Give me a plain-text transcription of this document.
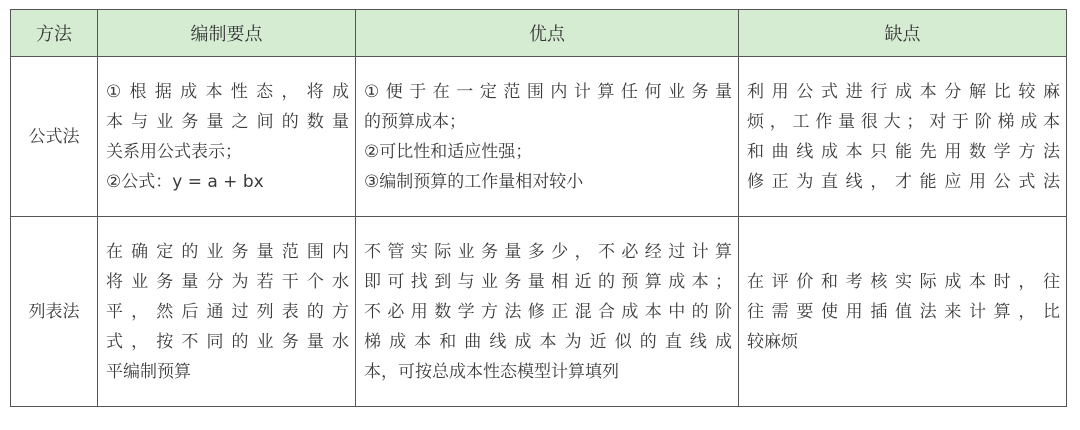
方法	编制要点	优点	缺点
公式法	①根据成本性态，将成
本与业务量之间的数量
关系用公式表示；
②公式：y = a + bx	①便于在一定范围内计算任何业务量
的预算成本；
②可比性和适应性强；
③编制预算的工作量相对较小	利用公式进行成本分解比较麻
烦，工作量很大；对于阶梯成本
和曲线成本只能先用数学方法
修正为直线，才能应用公式法

列表法	在确定的业务量范围内
将业务量分为若干个水
平，然后通过列表的方
式，按不同的业务量水
平编制预算	不管实际业务量多少，不必经过计算
即可找到与业务量相近的预算成本；
不必用数学方法修正混合成本中的阶
梯成本和曲线成本为近似的直线成
本，可按总成本性态模型计算填列	在评价和考核实际成本时，往
往需要使用插值法来计算，比
较麻烦
